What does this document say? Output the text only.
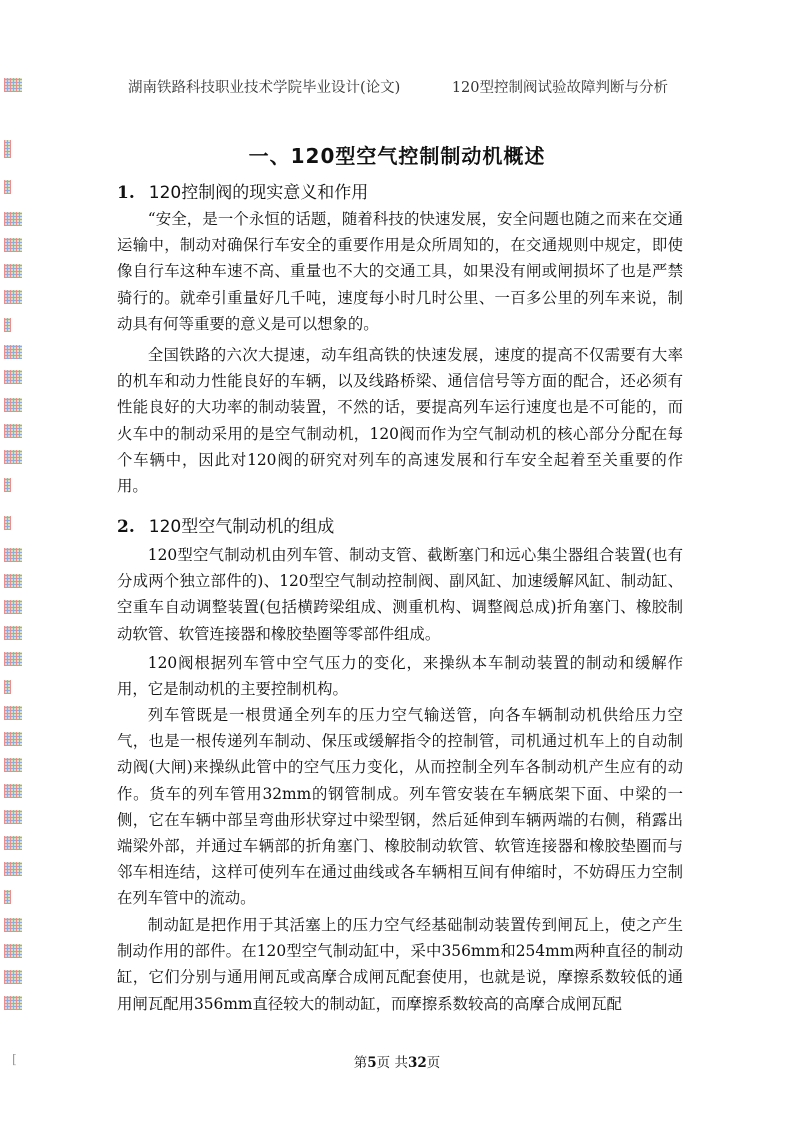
湖南铁路科技职业技术学院毕业设计(论文)	120型控制阀试验故障判断与分析
一、120型空气控制制动机概述
1. 120控制阀的现实意义和作用

“安全，是一个永恒的话题，随着科技的快速发展，安全问题也随之而来在交通运输中，制动对确保行车安全的重要作用是众所周知的，在交通规则中规定，即使像自行车这种车速不高、重量也不大的交通工具，如果没有闸或闸损坏了也是严禁骑行的。就牵引重量好几千吨，速度每小时几时公里、一百多公里的列车来说，制动具有何等重要的意义是可以想象的。

全国铁路的六次大提速，动车组高铁的快速发展，速度的提高不仅需要有大率的机车和动力性能良好的车辆，以及线路桥梁、通信信号等方面的配合，还必须有性能良好的大功率的制动装置，不然的话，要提高列车运行速度也是不可能的，而火车中的制动采用的是空气制动机，120阀而作为空气制动机的核心部分分配在每个车辆中，因此对120阀的研究对列车的高速发展和行车安全起着至关重要的作用。

2. 120型空气制动机的组成

120型空气制动机由列车管、制动支管、截断塞门和远心集尘器组合装置(也有分成两个独立部件的)、120型空气制动控制阀、副风缸、加速缓解风缸、制动缸、空重车自动调整装置(包括横跨梁组成、测重机构、调整阀总成)折角塞门、橡胶制动软管、软管连接器和橡胶垫圈等零部件组成。

120阀根据列车管中空气压力的变化，来操纵本车制动装置的制动和缓解作用，它是制动机的主要控制机构。

列车管既是一根贯通全列车的压力空气输送管，向各车辆制动机供给压力空气，也是一根传递列车制动、保压或缓解指令的控制管，司机通过机车上的自动制动阀(大闸)来操纵此管中的空气压力变化，从而控制全列车各制动机产生应有的动作。货车的列车管用32mm的钢管制成。列车管安装在车辆底架下面、中梁的一侧，它在车辆中部呈弯曲形状穿过中梁型钢，然后延伸到车辆两端的右侧，稍露出端梁外部，并通过车辆部的折角塞门、橡胶制动软管、软管连接器和橡胶垫圈而与邻车相连结，这样可使列车在通过曲线或各车辆相互间有伸缩时，不妨碍压力空制在列车管中的流动。

制动缸是把作用于其活塞上的压力空气经基础制动装置传到闸瓦上，使之产生制动作用的部件。在120型空气制动缸中，采中356mm和254mm两种直径的制动缸，它们分别与通用闸瓦或高摩合成闸瓦配套使用，也就是说，摩擦系数较低的通用闸瓦配用356mm直径较大的制动缸，而摩擦系数较高的高摩合成闸瓦配

[	第5页 共32页
